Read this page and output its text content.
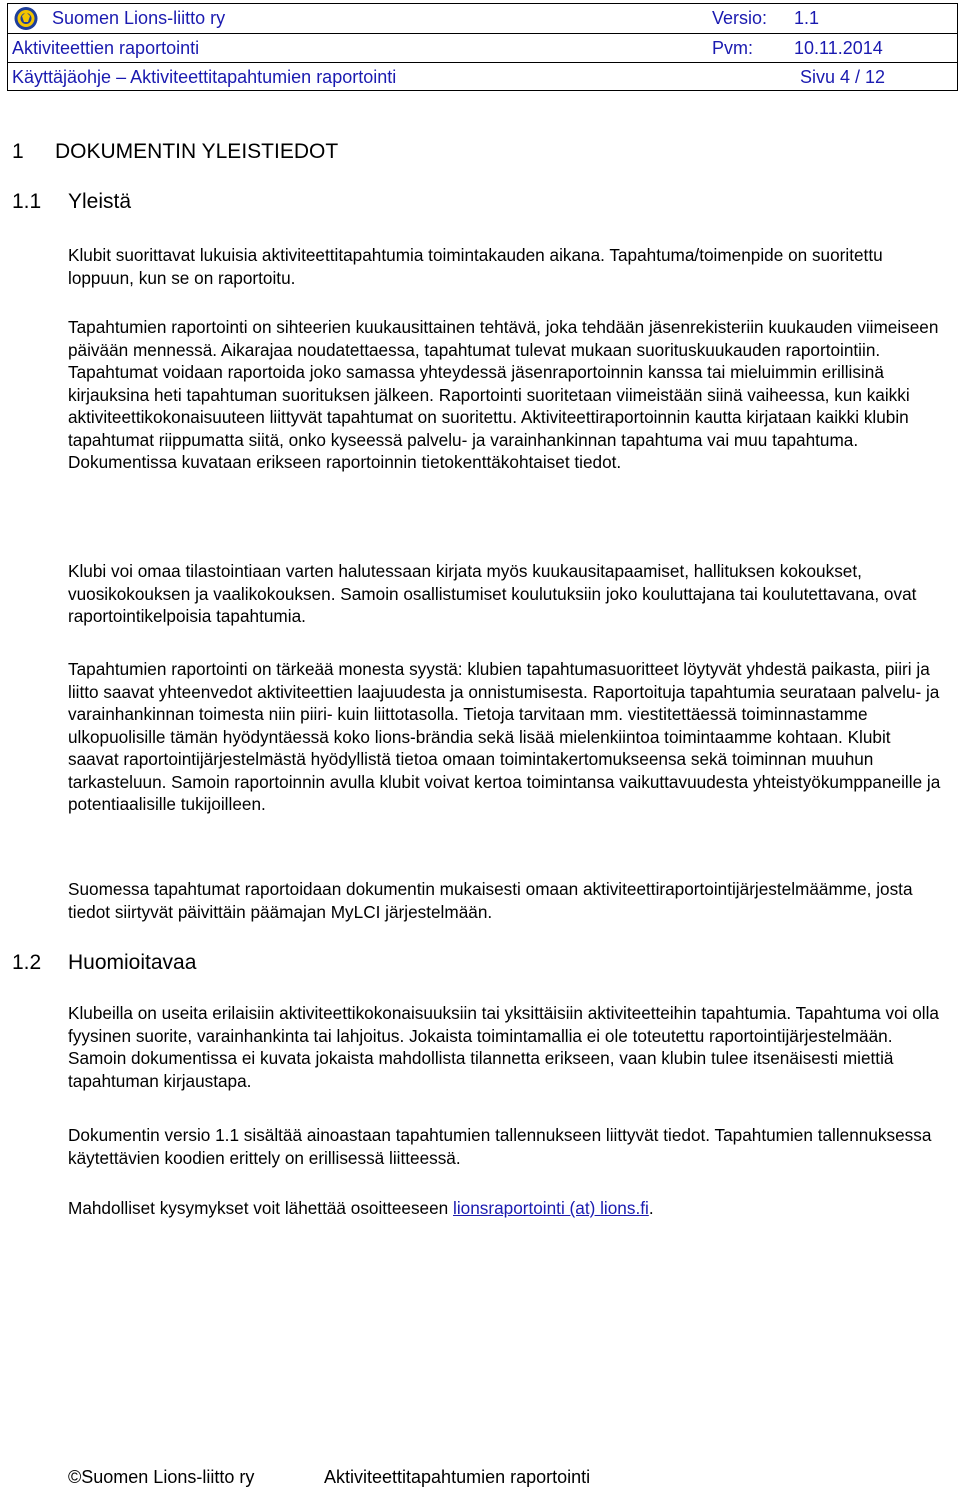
Suomen Lions-liitto ry	Versio: 1.1
Aktiviteettien raportointi	Pvm: 10.11.2014
Käyttäjäohje – Aktiviteettitapahtumien raportointi	Sivu 4 / 12
1 DOKUMENTIN YLEISTIEDOT
1.1 Yleistä

Klubit suorittavat lukuisia aktiviteettitapahtumia toimintakauden aikana. Tapahtuma/toimenpide on suoritettu loppuun, kun se on raportoitu.

Tapahtumien raportointi on sihteerien kuukausittainen tehtävä, joka tehdään jäsenrekisteriin kuukauden viimeiseen päivään mennessä. Aikarajaa noudatettaessa, tapahtumat tulevat mukaan suorituskuukauden raportointiin. Tapahtumat voidaan raportoida joko samassa yhteydessä jäsenraportoinnin kanssa tai mieluimmin erillisinä kirjauksina heti tapahtuman suorituksen jälkeen. Raportointi suoritetaan viimeistään siinä vaiheessa, kun kaikki aktiviteettikokonaisuuteen liittyvät tapahtumat on suoritettu. Aktiviteettiraportoinnin kautta kirjataan kaikki klubin tapahtumat riippumatta siitä, onko kyseessä palvelu- ja varainhankinnan tapahtuma vai muu tapahtuma. Dokumentissa kuvataan erikseen raportoinnin tietokenttäkohtaiset tiedot.

Klubi voi omaa tilastointiaan varten halutessaan kirjata myös kuukausitapaamiset, hallituksen kokoukset, vuosikokouksen ja vaalikokouksen. Samoin osallistumiset koulutuksiin joko kouluttajana tai koulutettavana, ovat raportointikelpoisia tapahtumia.

Tapahtumien raportointi on tärkeää monesta syystä: klubien tapahtumasuoritteet löytyvät yhdestä paikasta, piiri ja liitto saavat yhteenvedot aktiviteettien laajuudesta ja onnistumisesta. Raportoituja tapahtumia seurataan palvelu- ja varainhankinnan toimesta niin piiri- kuin liittotasolla. Tietoja tarvitaan mm. viestitettäessä toiminnastamme ulkopuolisille tämän hyödyntäessä koko lions-brändia sekä lisää mielenkiintoa toimintaamme kohtaan. Klubit saavat raportointijärjestelmästä hyödyllistä tietoa omaan toimintakertomukseensa sekä toiminnan muuhun tarkasteluun. Samoin raportoinnin avulla klubit voivat kertoa toimintansa vaikuttavuudesta yhteistyökumppaneille ja potentiaalisille tukijoilleen.

Suomessa tapahtumat raportoidaan dokumentin mukaisesti omaan aktiviteettiraportointijärjestelmäämme, josta tiedot siirtyvät päivittäin päämajan MyLCI järjestelmään.

1.2 Huomioitavaa

Klubeilla on useita erilaisiin aktiviteettikokonaisuuksiin tai yksittäisiin aktiviteetteihin tapahtumia. Tapahtuma voi olla fyysinen suorite, varainhankinta tai lahjoitus. Jokaista toimintamallia ei ole toteutettu raportointijärjestelmään. Samoin dokumentissa ei kuvata jokaista mahdollista tilannetta erikseen, vaan klubin tulee itsenäisesti miettiä tapahtuman kirjaustapa.

Dokumentin versio 1.1 sisältää ainoastaan tapahtumien tallennukseen liittyvät tiedot. Tapahtumien tallennuksessa käytettävien koodien erittely on erillisessä liitteessä.

Mahdolliset kysymykset voit lähettää osoitteeseen lionsraportointi (at) lions.fi.

©Suomen Lions-liitto ry	Aktiviteettitapahtumien raportointi
